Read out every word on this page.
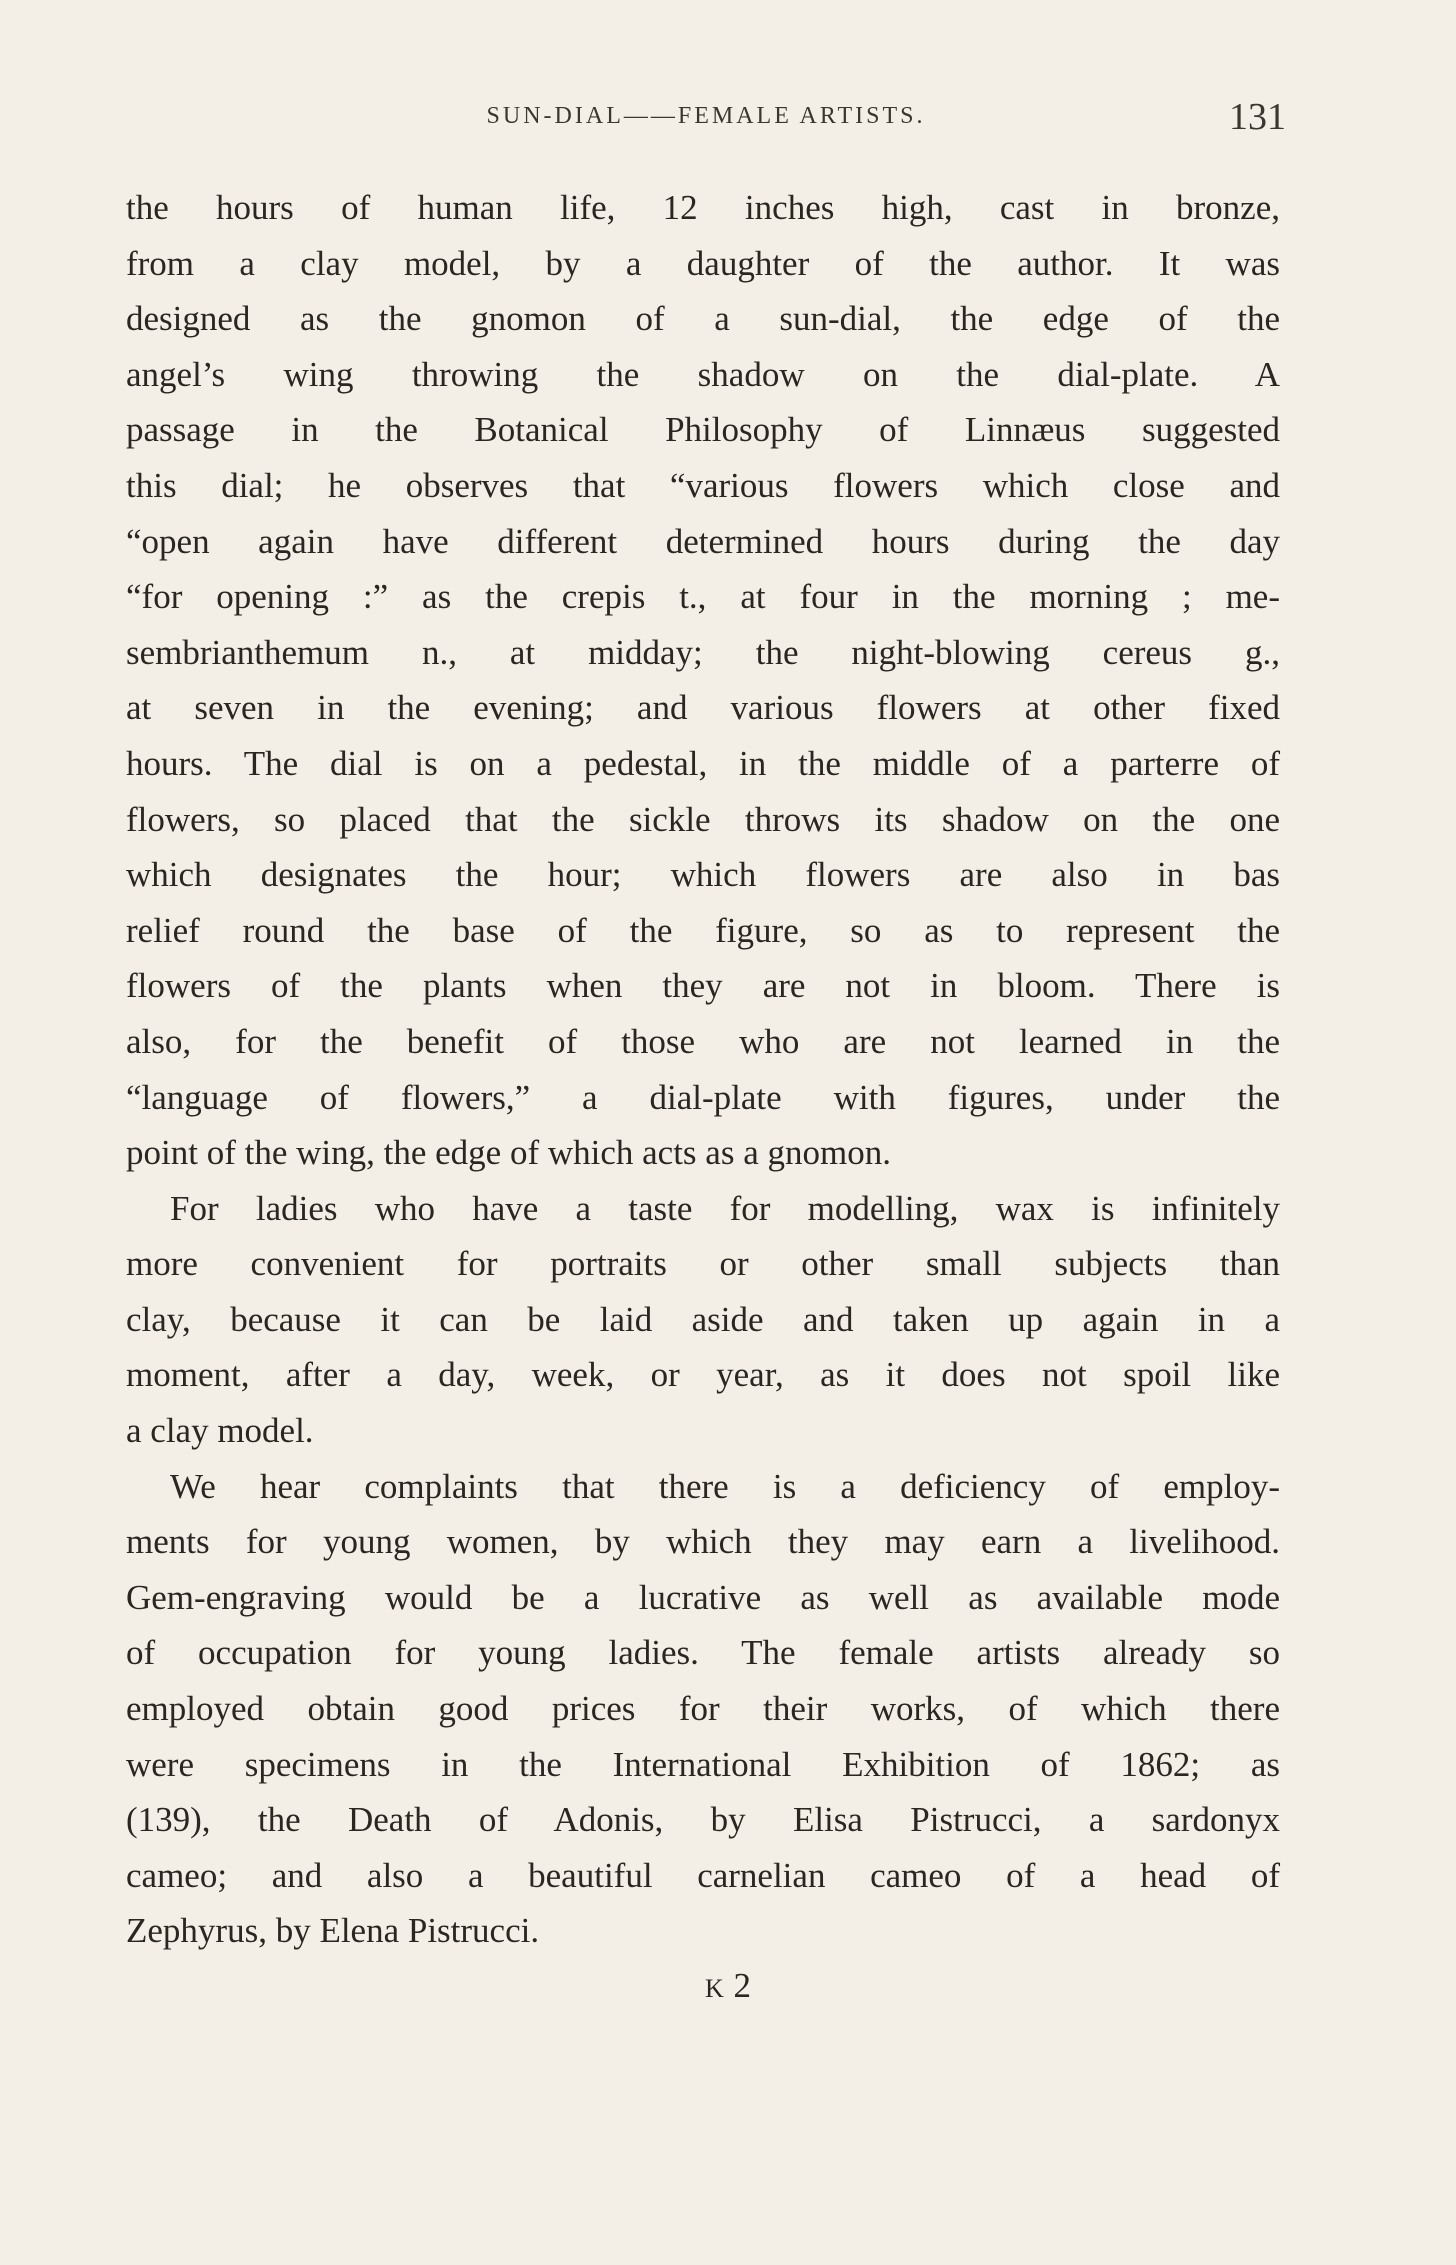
SUN-DIAL——FEMALE ARTISTS.	131
the hours of human life, 12 inches high, cast in bronze,
from a clay model, by a daughter of the author. It was
designed as the gnomon of a sun-dial, the edge of the
angel’s wing throwing the shadow on the dial-plate. A
passage in the Botanical Philosophy of Linnæus suggested
this dial; he observes that “various flowers which close and
“open again have different determined hours during the day
“for opening :” as the crepis t., at four in the morning ; me-
sembrianthemum n., at midday; the night-blowing cereus g.,
at seven in the evening; and various flowers at other fixed
hours. The dial is on a pedestal, in the middle of a parterre of
flowers, so placed that the sickle throws its shadow on the one
which designates the hour; which flowers are also in bas
relief round the base of the figure, so as to represent the
flowers of the plants when they are not in bloom. There is
also, for the benefit of those who are not learned in the
“language of flowers,” a dial-plate with figures, under the
point of the wing, the edge of which acts as a gnomon.
For ladies who have a taste for modelling, wax is infinitely
more convenient for portraits or other small subjects than
clay, because it can be laid aside and taken up again in a
moment, after a day, week, or year, as it does not spoil like
a clay model.
We hear complaints that there is a deficiency of employ-
ments for young women, by which they may earn a livelihood.
Gem-engraving would be a lucrative as well as available mode
of occupation for young ladies. The female artists already so
employed obtain good prices for their works, of which there
were specimens in the International Exhibition of 1862; as
(139), the Death of Adonis, by Elisa Pistrucci, a sardonyx
cameo; and also a beautiful carnelian cameo of a head of
Zephyrus, by Elena Pistrucci.
K 2
